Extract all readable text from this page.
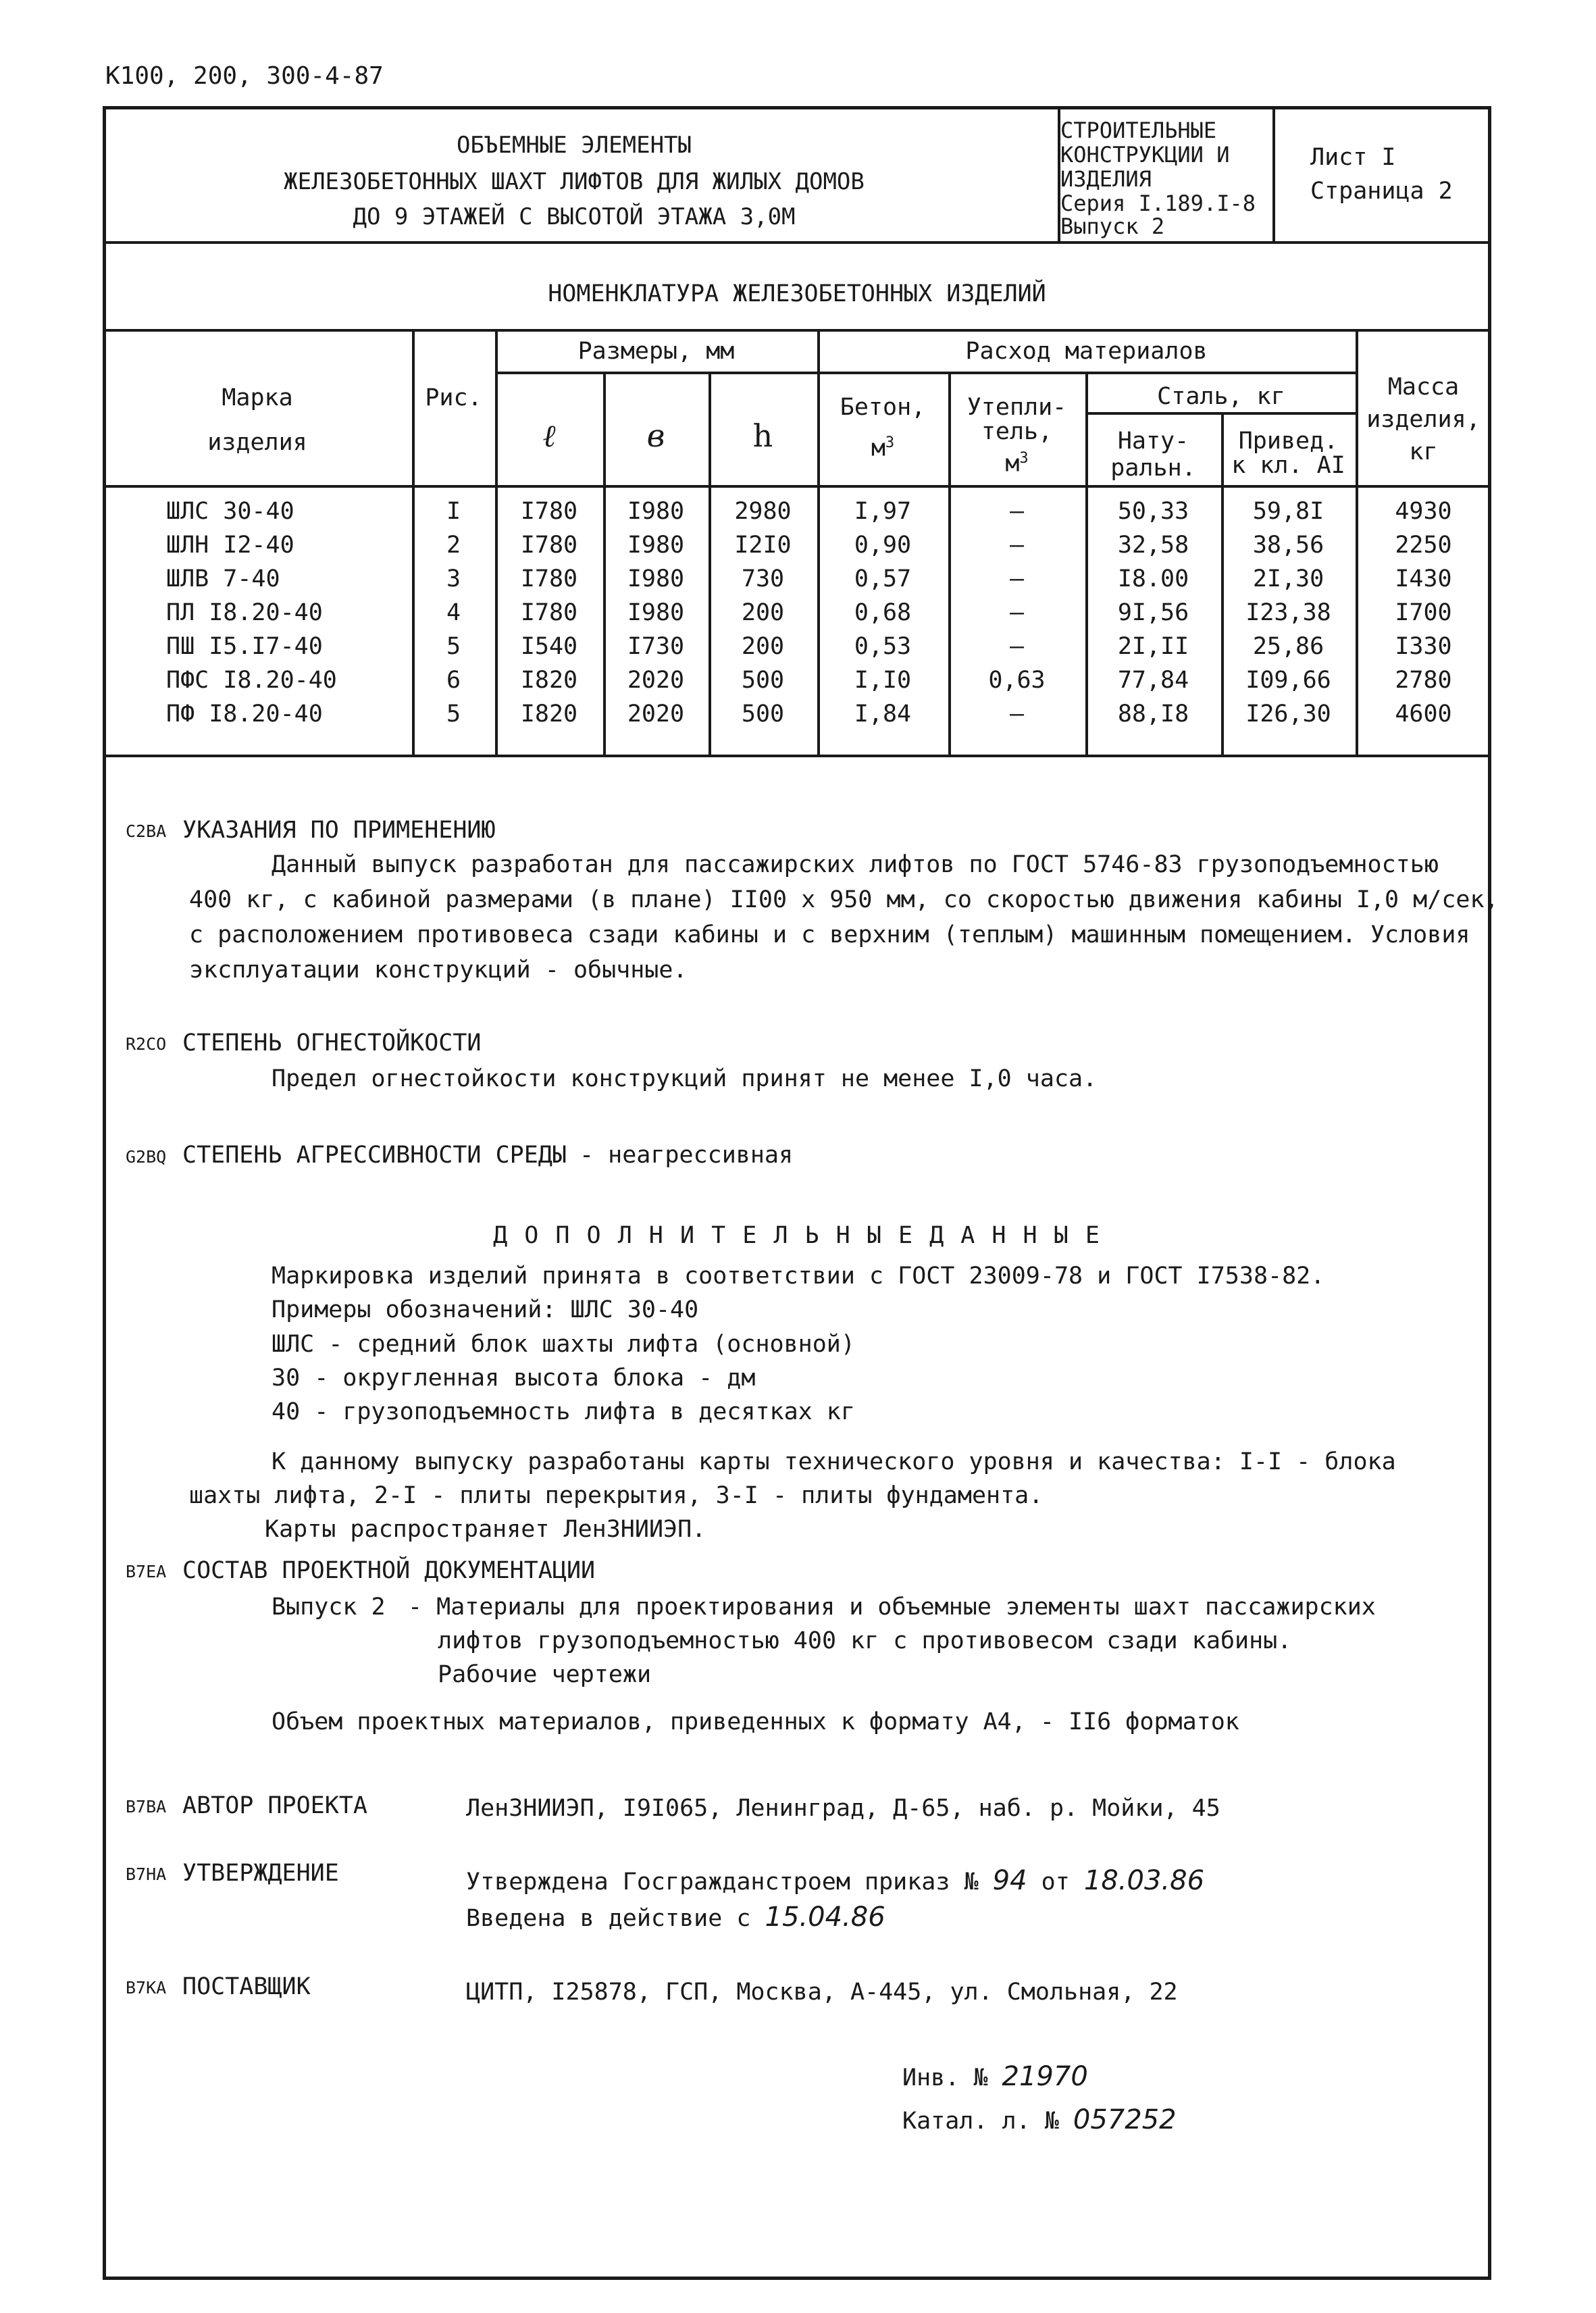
К100, 200, 300-4-87
ОБЪЕМНЫЕ ЭЛЕМЕНТЫ
ЖЕЛЕЗОБЕТОННЫХ ШАХТ ЛИФТОВ ДЛЯ ЖИЛЫХ ДОМОВ
ДО 9 ЭТАЖЕЙ С ВЫСОТОЙ ЭТАЖА 3,0М
СТРОИТЕЛЬНЫЕ
КОНСТРУКЦИИ И
ИЗДЕЛИЯ
Серия I.189.I-8
Выпуск 2
Лист I
Страница 2
НОМЕНКЛАТУРА ЖЕЛЕЗОБЕТОННЫХ ИЗДЕЛИЙ
Марка
изделия
Рис.
Размеры, мм
ℓ	в	h
Расход материалов
Бетон,
$м^3$
Утепли-
тель,
$м^3$
Сталь, кг
Нату-
ральн.
Привед.
к кл. АI
Масса
изделия,
кг
ШЛС 30-40	I	I780	I980	2980	I,97	–	50,33	59,8I	4930
ШЛН I2-40	2	I780	I980	I2I0	0,90	–	32,58	38,56	2250
ШЛВ 7-40	3	I780	I980	730	0,57	–	I8.00	2I,30	I430
ПЛ I8.20-40	4	I780	I980	200	0,68	–	9I,56	I23,38	I700
ПШ I5.I7-40	5	I540	I730	200	0,53	–	2I,II	25,86	I330
ПФС I8.20-40	6	I820	2020	500	I,I0	0,63	77,84	I09,66	2780
ПФ I8.20-40	5	I820	2020	500	I,84	–	88,I8	I26,30	4600
C2BA УКАЗАНИЯ ПО ПРИМЕНЕНИЮ
Данный выпуск разработан для пассажирских лифтов по ГОСТ 5746-83 грузоподъемностью
400 кг, с кабиной размерами (в плане) II00 х 950 мм, со скоростью движения кабины I,0 м/сек,
с расположением противовеса сзади кабины и с верхним (теплым) машинным помещением. Условия
эксплуатации конструкций - обычные.
R2CO СТЕПЕНЬ ОГНЕСТОЙКОСТИ
Предел огнестойкости конструкций принят не менее I,0 часа.
G2BQ СТЕПЕНЬ АГРЕССИВНОСТИ СРЕДЫ - неагрессивная
Д О П О Л Н И Т Е Л Ь Н Ы Е Д А Н Н Ы Е
Маркировка изделий принята в соответствии с ГОСТ 23009-78 и ГОСТ I7538-82.
Примеры обозначений: ШЛС 30-40
ШЛС - средний блок шахты лифта (основной)
30 - округленная высота блока - дм
40 - грузоподъемность лифта в десятках кг
К данному выпуску разработаны карты технического уровня и качества: I-I - блока
шахты лифта, 2-I - плиты перекрытия, 3-I - плиты фундамента.
Карты распространяет ЛенЗНИИЭП.
B7EA СОСТАВ ПРОЕКТНОЙ ДОКУМЕНТАЦИИ
Выпуск 2 - Материалы для проектирования и объемные элементы шахт пассажирских
лифтов грузоподъемностью 400 кг с противовесом сзади кабины.
Рабочие чертежи
Объем проектных материалов, приведенных к формату А4, - II6 форматок
B7BA АВТОР ПРОЕКТА	ЛенЗНИИЭП, I9I065, Ленинград, Д-65, наб. р. Мойки, 45
B7HA УТВЕРЖДЕНИЕ	Утверждена Госгражданстроем приказ № 94 от 18.03.86
Введена в действие с 15.04.86
B7KA ПОСТАВЩИК	ЦИТП, I25878, ГСП, Москва, А-445, ул. Смольная, 22
Инв. № 21970
Катал. л. № 057252
